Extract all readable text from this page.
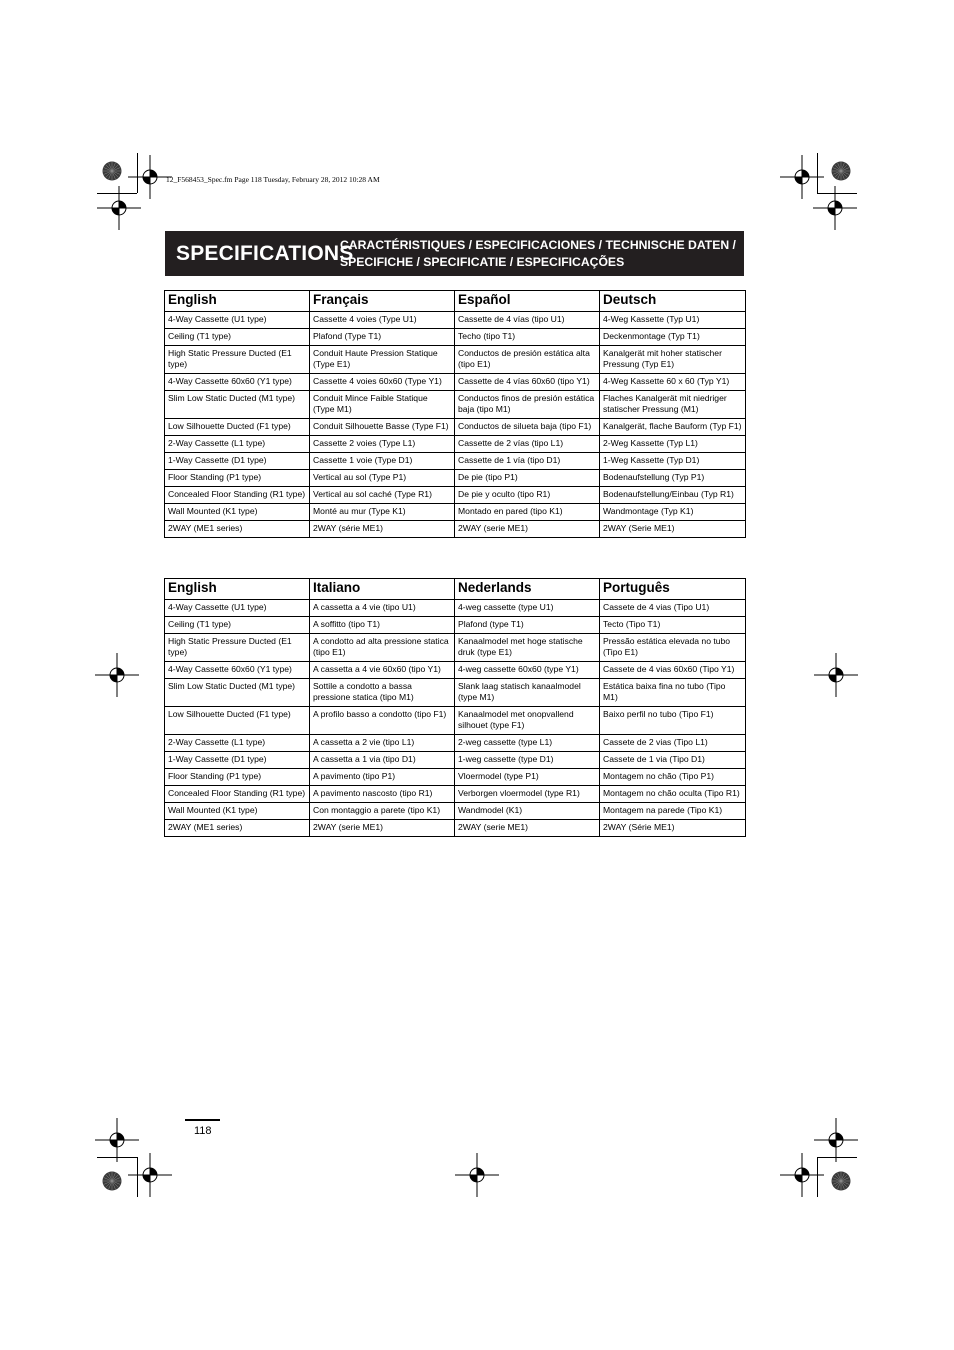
12_F568453_Spec.fm Page 118 Tuesday, February 28, 2012 10:28 AM
SPECIFICATIONS
CARACTÉRISTIQUES / ESPECIFICACIONES / TECHNISCHE DATEN /
SPECIFICHE / SPECIFICATIE / ESPECIFICAÇÕES
English	Français	Español	Deutsch
4-Way Cassette (U1 type)	Cassette 4 voies (Type U1)	Cassette de 4 vías (tipo U1)	4-Weg Kassette (Typ U1)
Ceiling (T1 type)	Plafond (Type T1)	Techo (tipo T1)	Deckenmontage (Typ T1)
High Static Pressure Ducted (E1 type)	Conduit Haute Pression Statique (Type E1)	Conductos de presión estática alta (tipo E1)	Kanalgerät mit hoher statischer Pressung (Typ E1)
4-Way Cassette 60x60 (Y1 type)	Cassette 4 voies 60x60 (Type Y1)	Cassette de 4 vías 60x60 (tipo Y1)	4-Weg Kassette 60 x 60 (Typ Y1)
Slim Low Static Ducted (M1 type)	Conduit Mince Faible Statique (Type M1)	Conductos finos de presión estática baja (tipo M1)	Flaches Kanalgerät mit niedriger statischer Pressung (M1)
Low Silhouette Ducted (F1 type)	Conduit Silhouette Basse (Type F1)	Conductos de silueta baja (tipo F1)	Kanalgerät, flache Bauform (Typ F1)
2-Way Cassette (L1 type)	Cassette 2 voies (Type L1)	Cassette de 2 vías (tipo L1)	2-Weg Kassette (Typ L1)
1-Way Cassette (D1 type)	Cassette 1 voie (Type D1)	Cassette de 1 vía (tipo D1)	1-Weg Kassette (Typ D1)
Floor Standing (P1 type)	Vertical au sol (Type P1)	De pie (tipo P1)	Bodenaufstellung (Typ P1)
Concealed Floor Standing (R1 type)	Vertical au sol caché (Type R1)	De pie y oculto (tipo R1)	Bodenaufstellung/Einbau (Typ R1)
Wall Mounted (K1 type)	Monté au mur (Type K1)	Montado en pared (tipo K1)	Wandmontage (Typ K1)
2WAY (ME1 series)	2WAY (série ME1)	2WAY (serie ME1)	2WAY (Serie ME1)
English	Italiano	Nederlands	Português
4-Way Cassette (U1 type)	A cassetta a 4 vie (tipo U1)	4-weg cassette (type U1)	Cassete de 4 vias (Tipo U1)
Ceiling (T1 type)	A soffitto (tipo T1)	Plafond (type T1)	Tecto (Tipo T1)
High Static Pressure Ducted (E1 type)	A condotto ad alta pressione statica (tipo E1)	Kanaalmodel met hoge statische druk (type E1)	Pressão estática elevada no tubo (Tipo E1)
4-Way Cassette 60x60 (Y1 type)	A cassetta a 4 vie 60x60 (tipo Y1)	4-weg cassette 60x60 (type Y1)	Cassete de 4 vias 60x60 (Tipo Y1)
Slim Low Static Ducted (M1 type)	Sottile a condotto a bassa pressione statica (tipo M1)	Slank laag statisch kanaalmodel (type M1)	Estática baixa fina no tubo (Tipo M1)
Low Silhouette Ducted (F1 type)	A profilo basso a condotto (tipo F1)	Kanaalmodel met onopvallend silhouet (type F1)	Baixo perfil no tubo (Tipo F1)
2-Way Cassette (L1 type)	A cassetta a 2 vie (tipo L1)	2-weg cassette (type L1)	Cassete de 2 vias (Tipo L1)
1-Way Cassette (D1 type)	A cassetta a 1 via (tipo D1)	1-weg cassette (type D1)	Cassete de 1 via (Tipo D1)
Floor Standing (P1 type)	A pavimento (tipo P1)	Vloermodel (type P1)	Montagem no chão (Tipo P1)
Concealed Floor Standing (R1 type)	A pavimento nascosto (tipo R1)	Verborgen vloermodel (type R1)	Montagem no chão oculta (Tipo R1)
Wall Mounted (K1 type)	Con montaggio a parete (tipo K1)	Wandmodel (K1)	Montagem na parede (Tipo K1)
2WAY (ME1 series)	2WAY (serie ME1)	2WAY (serie ME1)	2WAY (Série ME1)
118
